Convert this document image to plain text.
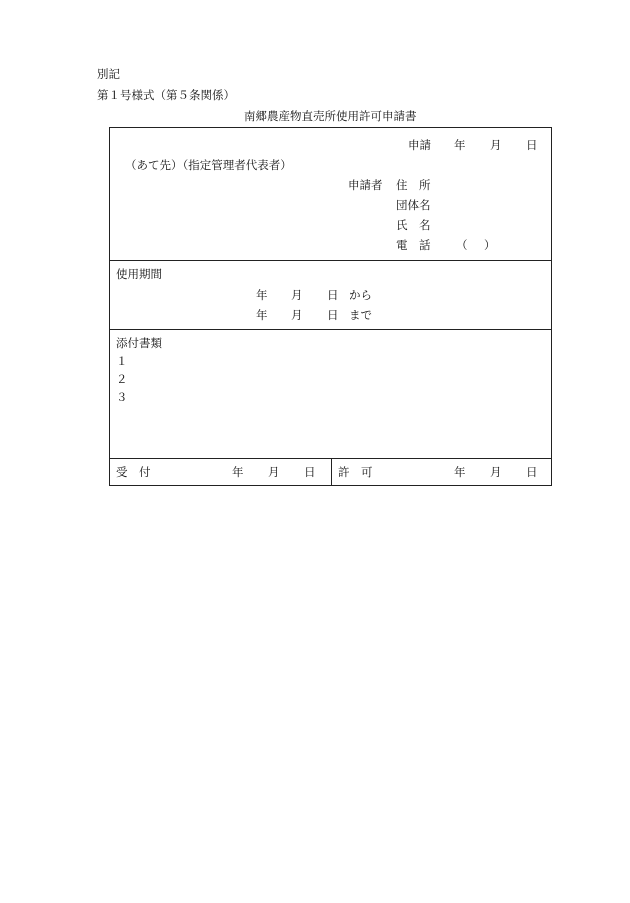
別記
第１号様式（第５条関係）
南郷農産物直売所使用許可申請書
申請 年 月 日
（あて先）（指定管理者代表者）
申請者 住　所
団体名
氏　名
電　話 （ ）
使用期間
年 月 日 から
年 月 日 まで
添付書類
１
２
３
受　付	年 月 日 許　可	年 月 日
